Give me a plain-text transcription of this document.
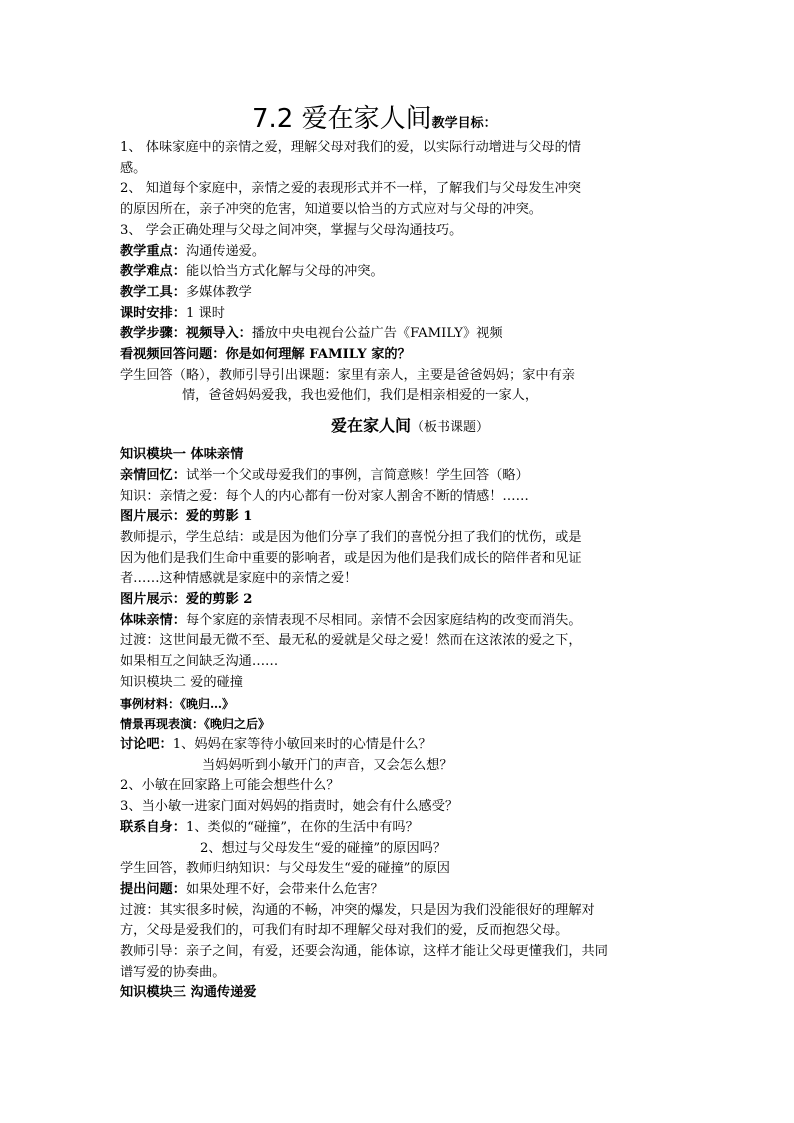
7.2 爱在家人间教学目标：

1、 体味家庭中的亲情之爱，理解父母对我们的爱，以实际行动增进与父母的情

感。

2、 知道每个家庭中，亲情之爱的表现形式并不一样，了解我们与父母发生冲突

的原因所在，亲子冲突的危害，知道要以恰当的方式应对与父母的冲突。

3、 学会正确处理与父母之间冲突，掌握与父母沟通技巧。

教学重点：沟通传递爱。

教学难点：能以恰当方式化解与父母的冲突。

教学工具：多媒体教学

课时安排：1 课时

教学步骤：视频导入：播放中央电视台公益广告《FAMILY》视频

看视频回答问题：你是如何理解 FAMILY 家的？

学生回答（略），教师引导引出课题：家里有亲人，主要是爸爸妈妈；家中有亲

情，爸爸妈妈爱我，我也爱他们，我们是相亲相爱的一家人，

爱在家人间（板书课题）

知识模块一 体味亲情

亲情回忆：试举一个父或母爱我们的事例，言简意赅！学生回答（略）

知识：亲情之爱：每个人的内心都有一份对家人割舍不断的情感！……

图片展示：爱的剪影 1

教师提示，学生总结：或是因为他们分享了我们的喜悦分担了我们的忧伤，或是

因为他们是我们生命中重要的影响者，或是因为他们是我们成长的陪伴者和见证

者……这种情感就是家庭中的亲情之爱！

图片展示：爱的剪影 2

体味亲情：每个家庭的亲情表现不尽相同。亲情不会因家庭结构的改变而消失。

过渡：这世间最无微不至、最无私的爱就是父母之爱！然而在这浓浓的爱之下，

如果相互之间缺乏沟通……

知识模块二 爱的碰撞

事例材料：《晚归…》

情景再现表演：《晚归之后》

讨论吧：1、妈妈在家等待小敏回来时的心情是什么？

当妈妈听到小敏开门的声音，又会怎么想？

2、小敏在回家路上可能会想些什么？

3、当小敏一进家门面对妈妈的指责时，她会有什么感受？

联系自身：1、类似的“碰撞”，在你的生活中有吗？

2、想过与父母发生“爱的碰撞”的原因吗？

学生回答，教师归纳知识：与父母发生“爱的碰撞”的原因

提出问题：如果处理不好，会带来什么危害？

过渡：其实很多时候，沟通的不畅，冲突的爆发，只是因为我们没能很好的理解对

方，父母是爱我们的，可我们有时却不理解父母对我们的爱，反而抱怨父母。

教师引导：亲子之间，有爱，还要会沟通，能体谅，这样才能让父母更懂我们，共同

谱写爱的协奏曲。

知识模块三 沟通传递爱
